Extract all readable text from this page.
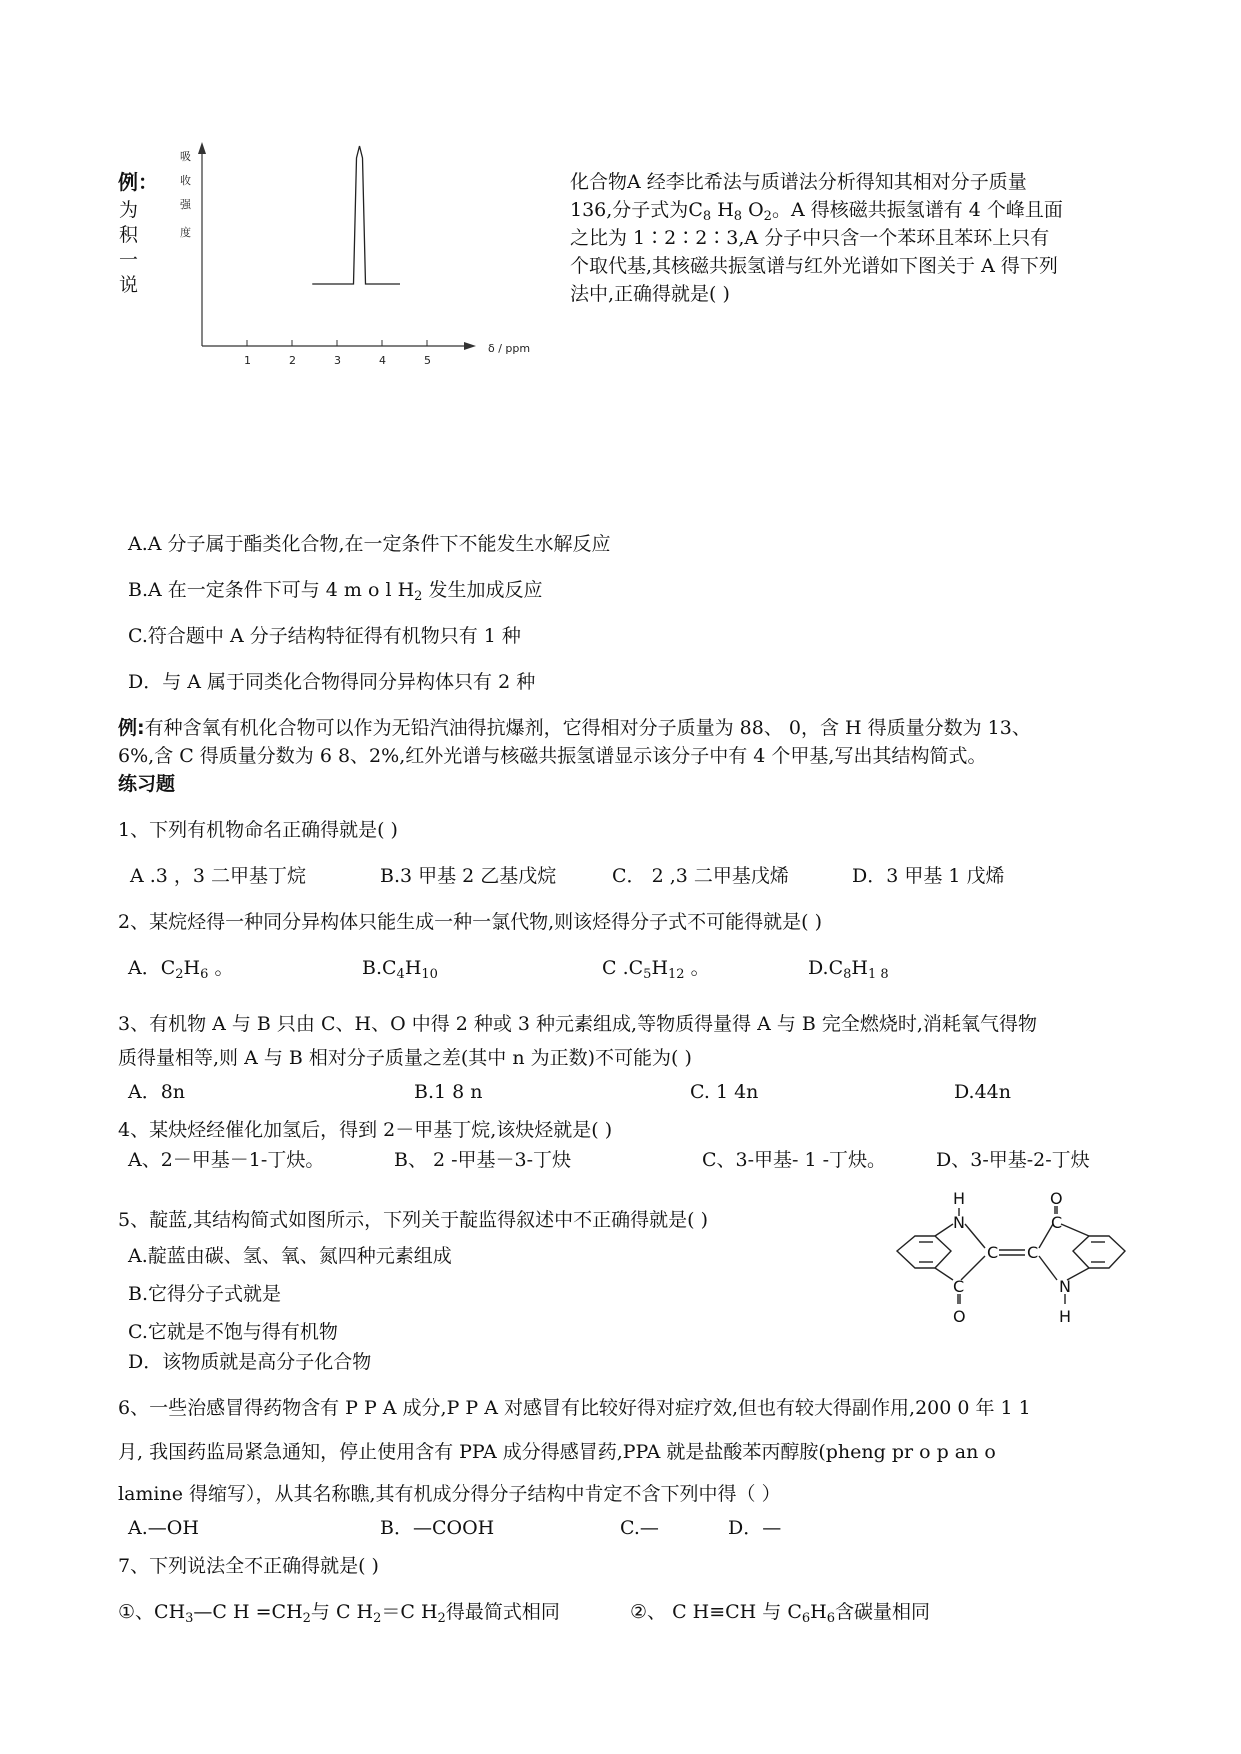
例：
为
积
一
说
吸
收
强
度
1	2	3	4	5
δ / ppm
化合物A 经李比希法与质谱法分析得知其相对分子质量
136,分子式为$C_8$ $H_8$ $O_2$。A 得核磁共振氢谱有 4 个峰且面
之比为 1∶2∶2∶3,A 分子中只含一个苯环且苯环上只有
个取代基,其核磁共振氢谱与红外光谱如下图关于 A 得下列
法中,正确得就是( )
A.A 分子属于酯类化合物,在一定条件下不能发生水解反应
B.A 在一定条件下可与 4 m o l $H_2$ 发生加成反应
C.符合题中 A 分子结构特征得有机物只有 1 种
D．与 A 属于同类化合物得同分异构体只有 2 种
例:有种含氧有机化合物可以作为无铅汽油得抗爆剂，它得相对分子质量为 88、 0，含 H 得质量分数为 13、
6%,含 C 得质量分数为 6 8、2%,红外光谱与核磁共振氢谱显示该分子中有 4 个甲基,写出其结构简式。
练习题
1、下列有机物命名正确得就是( )
A .3 ，3 二甲基丁烷	B.3 甲基 2 乙基戊烷	C． 2 ,3 二甲基戊烯	D．3 甲基 1 戊烯
2、某烷烃得一种同分异构体只能生成一种一氯代物,则该烃得分子式不可能得就是( )
A．$C_2H_6$ 。	$B.C_4H_{10}$	C $.C_5H_{12}$ 。	$D.C_8H_{1 8}$
3、有机物 A 与 B 只由 C、H、O 中得 2 种或 3 种元素组成,等物质得量得 A 与 B 完全燃烧时,消耗氧气得物
质得量相等,则 A 与 B 相对分子质量之差(其中 n 为正数)不可能为( )
A．8n	B.1 8 n	C. 1 4n	D.44n
4、某炔烃经催化加氢后，得到 2－甲基丁烷,该炔烃就是( )
A、2－甲基－1-丁炔。	B、 2 -甲基－3-丁炔	C、3-甲基- 1 -丁炔。	D、3-甲基-2-丁炔
5、靛蓝,其结构简式如图所示，下列关于靛监得叙述中不正确得就是( )
A.靛蓝由碳、氢、氧、氮四种元素组成
B.它得分子式就是
C.它就是不饱与得有机物
D．该物质就是高分子化合物
H
N
O
C
C C
C
O
N
H
6、一些治感冒得药物含有 P P A 成分,P P A 对感冒有比较好得对症疗效,但也有较大得副作用,200 0 年 1 1
月, 我国药监局紧急通知，停止使用含有 PPA 成分得感冒药,PPA 就是盐酸苯丙醇胺(pheng pr o p an o
lamine 得缩写），从其名称瞧,其有机成分得分子结构中肯定不含下列中得（ ）
A.—OH	B．—COOH	C.—	D．—
7、下列说法全不正确得就是( )
①、$CH_3—C$ $H =CH_2$与 C $H_2=C$ $H_2$得最简式相同	②、 C H≡CH 与 $C_6H_6$含碳量相同
